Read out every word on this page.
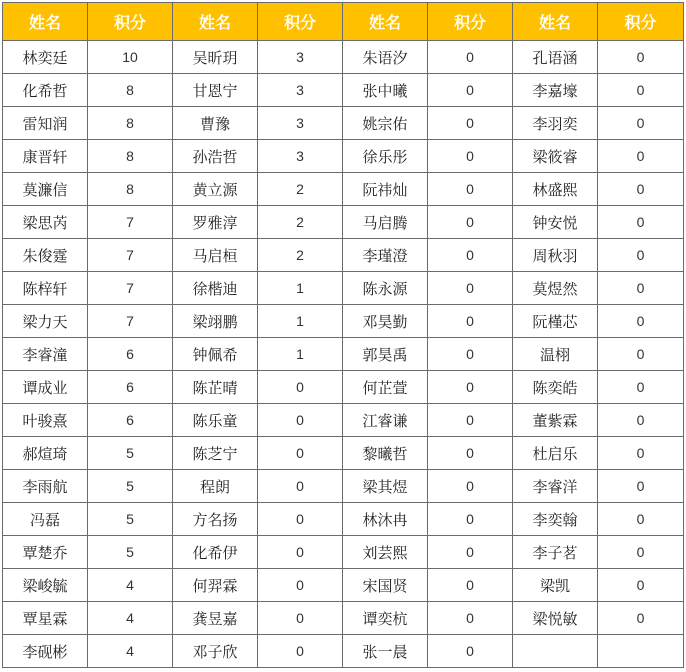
姓名	积分	姓名	积分	姓名	积分	姓名	积分
林奕廷	10	吴昕玥	3	朱语汐	0	孔语涵	0
化希哲	8	甘恩宁	3	张中曦	0	李嘉壕	0
雷知润	8	曹豫	3	姚宗佑	0	李羽奕	0
康晋轩	8	孙浩哲	3	徐乐彤	0	梁筱睿	0
莫濂信	8	黄立源	2	阮祎灿	0	林盛熙	0
梁思芮	7	罗雅淳	2	马启腾	0	钟安悦	0
朱俊霆	7	马启桓	2	李瑾澄	0	周秋羽	0
陈梓轩	7	徐楷迪	1	陈永源	0	莫煜然	0
梁力天	7	梁翊鹏	1	邓昊勤	0	阮槿芯	0
李睿潼	6	钟佩希	1	郭昊禹	0	温栩	0
谭成业	6	陈芷晴	0	何芷萱	0	陈奕皓	0
叶骏熹	6	陈乐童	0	江睿谦	0	董紫霖	0
郝煊琦	5	陈芝宁	0	黎曦哲	0	杜启乐	0
李雨航	5	程朗	0	梁其煜	0	李睿洋	0
冯磊	5	方名扬	0	林沐冉	0	李奕翰	0
覃楚乔	5	化希伊	0	刘芸熙	0	李子茗	0
梁峻毓	4	何羿霖	0	宋国贤	0	梁凯	0
覃星霖	4	龚昱嘉	0	谭奕杭	0	梁悦敏	0
李砚彬	4	邓子欣	0	张一晨	0		
